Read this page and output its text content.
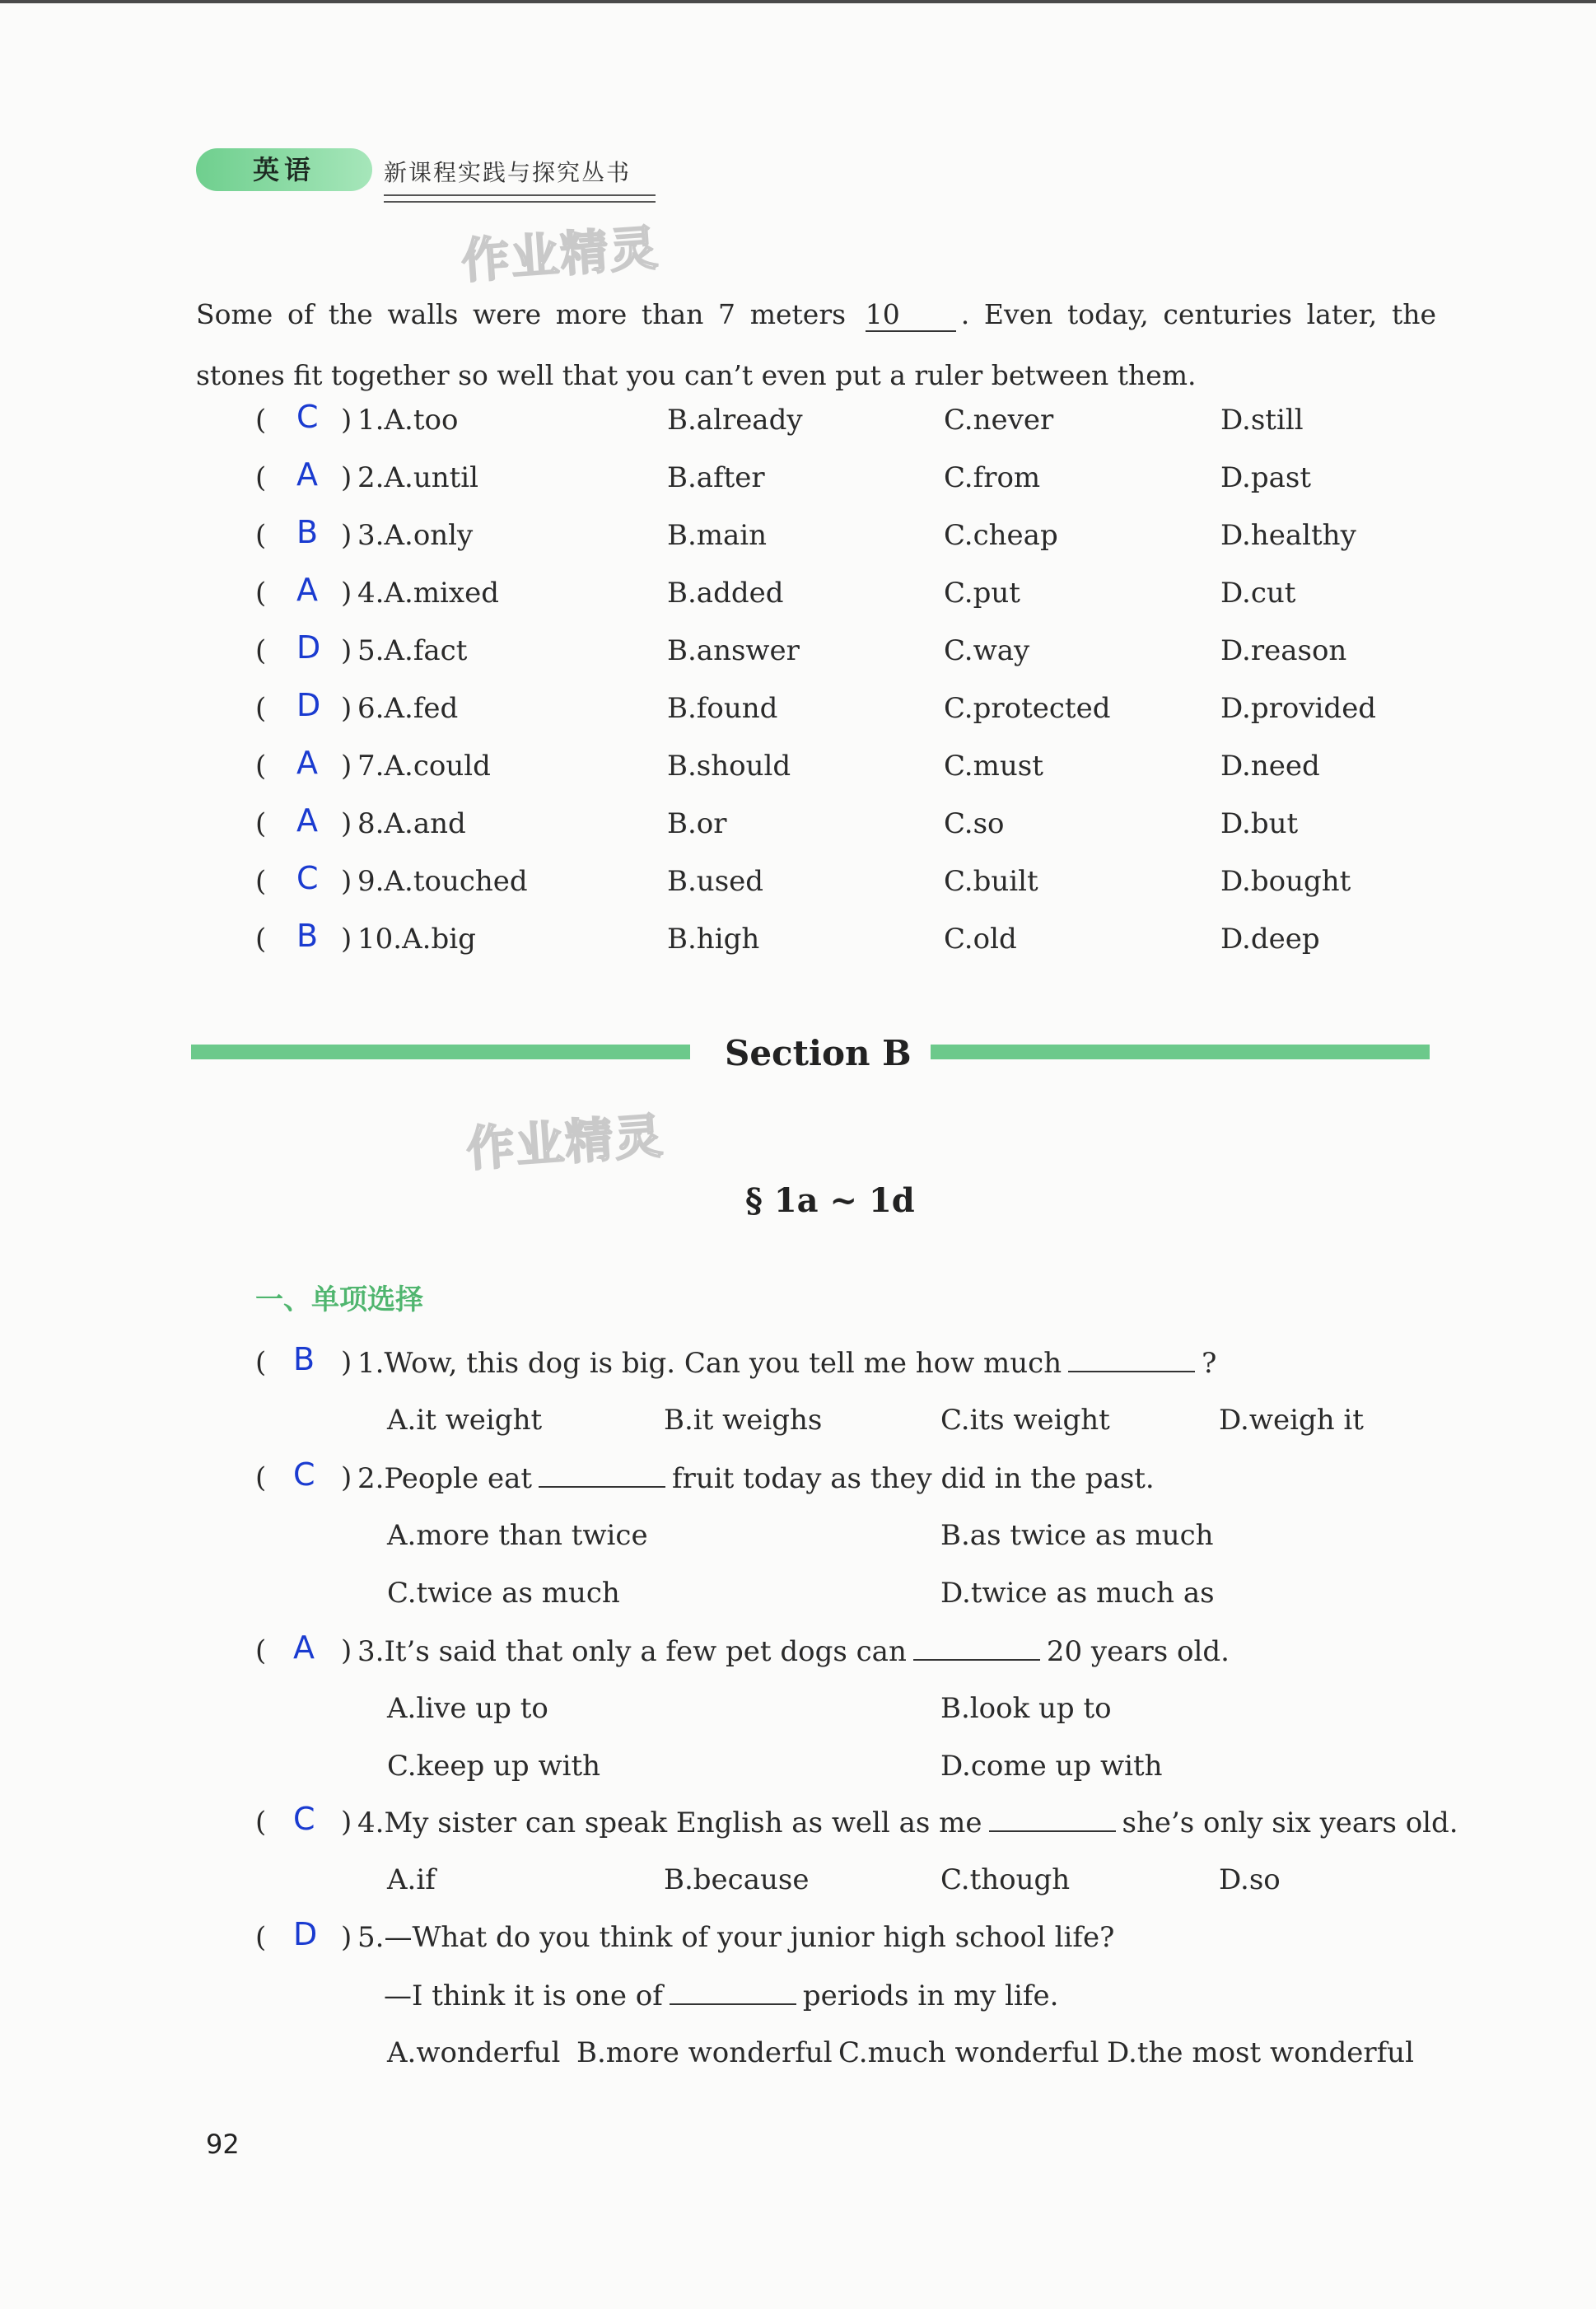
英语	新课程实践与探究丛书
作业精灵
Some of the walls were more than 7 meters 10 . Even today, centuries later, the stones fit together so well that you can’t even put a ruler between them.
( C ) 1.A.too	B.already	C.never	D.still
( A ) 2.A.until	B.after	C.from	D.past
( B ) 3.A.only	B.main	C.cheap	D.healthy
( A ) 4.A.mixed	B.added	C.put	D.cut
( D ) 5.A.fact	B.answer	C.way	D.reason
( D ) 6.A.fed	B.found	C.protected	D.provided
( A ) 7.A.could	B.should	C.must	D.need
( A ) 8.A.and	B.or	C.so	D.but
( C ) 9.A.touched	B.used	C.built	D.bought
( B ) 10.A.big	B.high	C.old	D.deep
Section B
作业精灵
§ 1a ~ 1d
一、单项选择
( B ) 1.Wow, this dog is big. Can you tell me how much	?
A.it weight	B.it weighs	C.its weight	D.weigh it
( C ) 2.People eat	fruit today as they did in the past.
A.more than twice	B.as twice as much
C.twice as much	D.twice as much as
( A ) 3.It’s said that only a few pet dogs can	20 years old.
A.live up to	B.look up to
C.keep up with	D.come up with
( C ) 4.My sister can speak English as well as me	she’s only six years old.
A.if	B.because	C.though	D.so
( D ) 5.—What do you think of your junior high school life?
—I think it is one of	periods in my life.
A.wonderful B.more wonderful C.much wonderful D.the most wonderful
92
